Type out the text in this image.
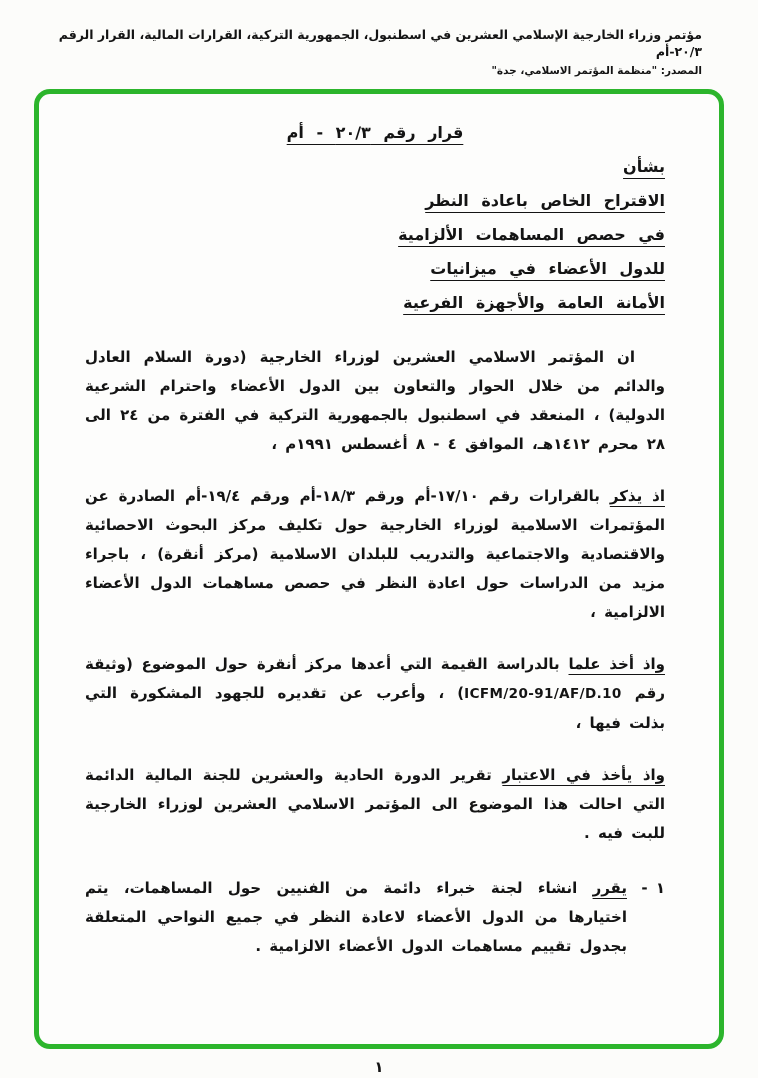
مؤتمر وزراء الخارجية الإسلامي العشرين في اسطنبول، الجمهورية التركية، القرارات المالية، القرار الرقم ٢٠/٣-أم
المصدر: "منظمة المؤتمر الاسلامي، جدة"
قرار رقم ٢٠/٣ - أم
بشأن
الاقتراح الخاص باعادة النظر
في حصص المساهمات الألزامية
للدول الأعضاء في ميزانيات
الأمانة العامة والأجهزة الفرعية

ان المؤتمر الاسلامي العشرين لوزراء الخارجية (دورة السلام العادل والدائم من خلال الحوار والتعاون بين الدول الأعضاء واحترام الشرعية الدولية) ، المنعقد في اسطنبول بالجمهورية التركية في الفترة من ٢٤ الى ٢٨ محرم ١٤١٢هـ، الموافق ٤ - ٨ أغسطس ١٩٩١م ،

اذ يذكر بالقرارات رقم ١٧/١٠-أم ورقم ١٨/٣-أم ورقم ١٩/٤-أم الصادرة عن المؤتمرات الاسلامية لوزراء الخارجية حول تكليف مركز البحوث الاحصائية والاقتصادية والاجتماعية والتدريب للبلدان الاسلامية (مركز أنقرة) ، باجراء مزيد من الدراسات حول اعادة النظر في حصص مساهمات الدول الأعضاء الالزامية ،

واذ أخذ علما بالدراسة القيمة التي أعدها مركز أنقرة حول الموضوع (وثيقة رقم ICFM/20-91/AF/D.10) ، وأعرب عن تقديره للجهود المشكورة التي بذلت فيها ،

واذ يأخذ في الاعتبار تقرير الدورة الحادية والعشرين للجنة المالية الدائمة التي احالت هذا الموضوع الى المؤتمر الاسلامي العشرين لوزراء الخارجية للبت فيه .

١ -
يقرر انشاء لجنة خبراء دائمة من الفنيين حول المساهمات، يتم اختيارها من الدول الأعضاء لاعادة النظر في جميع النواحي المتعلقة بجدول تقييم مساهمات الدول الأعضاء الالزامية .
١
